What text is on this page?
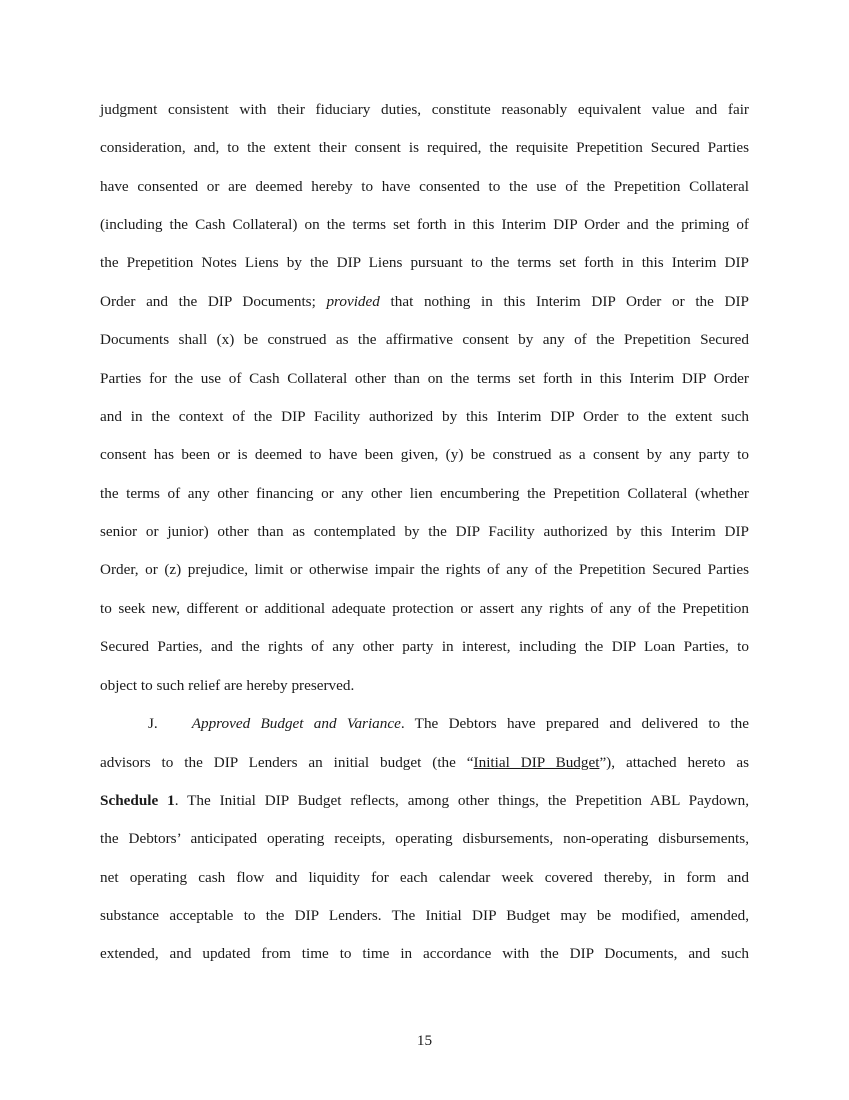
judgment consistent with their fiduciary duties, constitute reasonably equivalent value and fair
consideration, and, to the extent their consent is required, the requisite Prepetition Secured Parties
have consented or are deemed hereby to have consented to the use of the Prepetition Collateral
(including the Cash Collateral) on the terms set forth in this Interim DIP Order and the priming of
the Prepetition Notes Liens by the DIP Liens pursuant to the terms set forth in this Interim DIP
Order and the DIP Documents; provided that nothing in this Interim DIP Order or the DIP
Documents shall (x) be construed as the affirmative consent by any of the Prepetition Secured
Parties for the use of Cash Collateral other than on the terms set forth in this Interim DIP Order
and in the context of the DIP Facility authorized by this Interim DIP Order to the extent such
consent has been or is deemed to have been given, (y) be construed as a consent by any party to
the terms of any other financing or any other lien encumbering the Prepetition Collateral (whether
senior or junior) other than as contemplated by the DIP Facility authorized by this Interim DIP
Order, or (z) prejudice, limit or otherwise impair the rights of any of the Prepetition Secured Parties
to seek new, different or additional adequate protection or assert any rights of any of the Prepetition
Secured Parties, and the rights of any other party in interest, including the DIP Loan Parties, to
object to such relief are hereby preserved.
J. Approved Budget and Variance. The Debtors have prepared and delivered to the
advisors to the DIP Lenders an initial budget (the “Initial DIP Budget”), attached hereto as
Schedule 1. The Initial DIP Budget reflects, among other things, the Prepetition ABL Paydown,
the Debtors’ anticipated operating receipts, operating disbursements, non-operating disbursements,
net operating cash flow and liquidity for each calendar week covered thereby, in form and
substance acceptable to the DIP Lenders. The Initial DIP Budget may be modified, amended,
extended, and updated from time to time in accordance with the DIP Documents, and such
15
